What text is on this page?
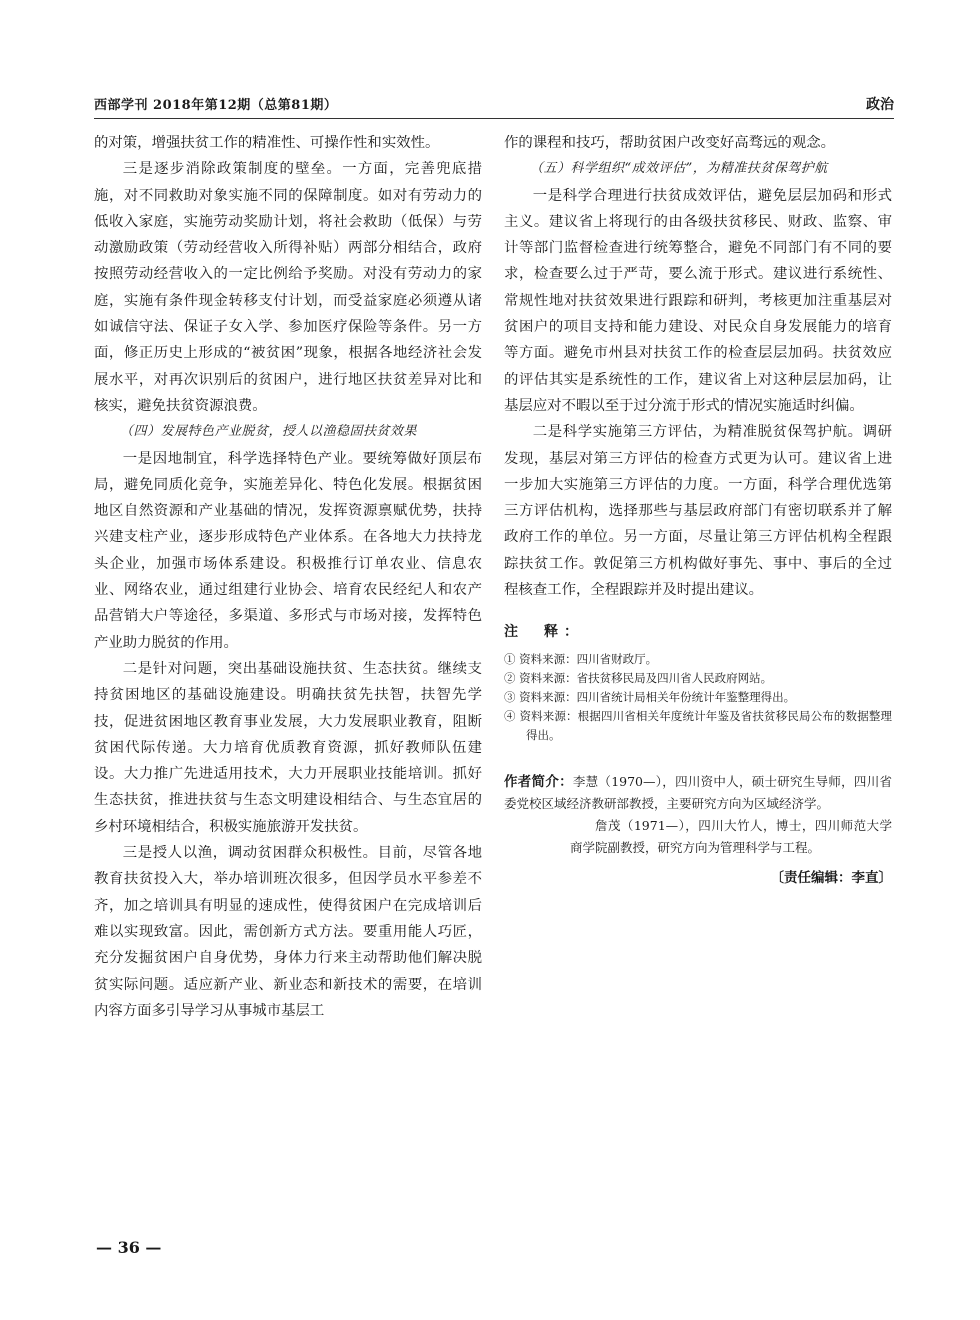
西部学刊 2018年第12期（总第81期）	政治

的对策，增强扶贫工作的精准性、可操作性和实效性。

三是逐步消除政策制度的壁垒。一方面，完善兜底措施，对不同救助对象实施不同的保障制度。如对有劳动力的低收入家庭，实施劳动奖励计划，将社会救助（低保）与劳动激励政策（劳动经营收入所得补贴）两部分相结合，政府按照劳动经营收入的一定比例给予奖励。对没有劳动力的家庭，实施有条件现金转移支付计划，而受益家庭必须遵从诸如诚信守法、保证子女入学、参加医疗保险等条件。另一方面，修正历史上形成的“被贫困”现象，根据各地经济社会发展水平，对再次识别后的贫困户，进行地区扶贫差异对比和核实，避免扶贫资源浪费。

（四）发展特色产业脱贫，授人以渔稳固扶贫效果

一是因地制宜，科学选择特色产业。要统筹做好顶层布局，避免同质化竞争，实施差异化、特色化发展。根据贫困地区自然资源和产业基础的情况，发挥资源禀赋优势，扶持兴建支柱产业，逐步形成特色产业体系。在各地大力扶持龙头企业，加强市场体系建设。积极推行订单农业、信息农业、网络农业，通过组建行业协会、培育农民经纪人和农产品营销大户等途径，多渠道、多形式与市场对接，发挥特色产业助力脱贫的作用。

二是针对问题，突出基础设施扶贫、生态扶贫。继续支持贫困地区的基础设施建设。明确扶贫先扶智，扶智先学技，促进贫困地区教育事业发展，大力发展职业教育，阻断贫困代际传递。大力培育优质教育资源，抓好教师队伍建设。大力推广先进适用技术，大力开展职业技能培训。抓好生态扶贫，推进扶贫与生态文明建设相结合、与生态宜居的乡村环境相结合，积极实施旅游开发扶贫。

三是授人以渔，调动贫困群众积极性。目前，尽管各地教育扶贫投入大，举办培训班次很多，但因学员水平参差不齐，加之培训具有明显的速成性，使得贫困户在完成培训后难以实现致富。因此，需创新方式方法。要重用能人巧匠，充分发掘贫困户自身优势，身体力行来主动帮助他们解决脱贫实际问题。适应新产业、新业态和新技术的需要，在培训内容方面多引导学习从事城市基层工

作的课程和技巧，帮助贫困户改变好高骛远的观念。

（五）科学组织“成效评估”，为精准扶贫保驾护航

一是科学合理进行扶贫成效评估，避免层层加码和形式主义。建议省上将现行的由各级扶贫移民、财政、监察、审计等部门监督检查进行统筹整合，避免不同部门有不同的要求，检查要么过于严苛，要么流于形式。建议进行系统性、常规性地对扶贫效果进行跟踪和研判，考核更加注重基层对贫困户的项目支持和能力建设、对民众自身发展能力的培育等方面。避免市州县对扶贫工作的检查层层加码。扶贫效应的评估其实是系统性的工作，建议省上对这种层层加码，让基层应对不暇以至于过分流于形式的情况实施适时纠偏。

二是科学实施第三方评估，为精准脱贫保驾护航。调研发现，基层对第三方评估的检查方式更为认可。建议省上进一步加大实施第三方评估的力度。一方面，科学合理优选第三方评估机构，选择那些与基层政府部门有密切联系并了解政府工作的单位。另一方面，尽量让第三方评估机构全程跟踪扶贫工作。敦促第三方机构做好事先、事中、事后的全过程核查工作，全程跟踪并及时提出建议。

注　释：
① 资料来源：四川省财政厅。
② 资料来源：省扶贫移民局及四川省人民政府网站。
③ 资料来源：四川省统计局相关年份统计年鉴整理得出。
④ 资料来源：根据四川省相关年度统计年鉴及省扶贫移民局公布的数据整理得出。
作者简介：李慧（1970—），四川资中人，硕士研究生导师，四川省委党校区域经济教研部教授，主要研究方向为区域经济学。

詹茂（1971—），四川大竹人，博士，四川师范大学商学院副教授，研究方向为管理科学与工程。

〔责任编辑：李直〕
— 36 —
